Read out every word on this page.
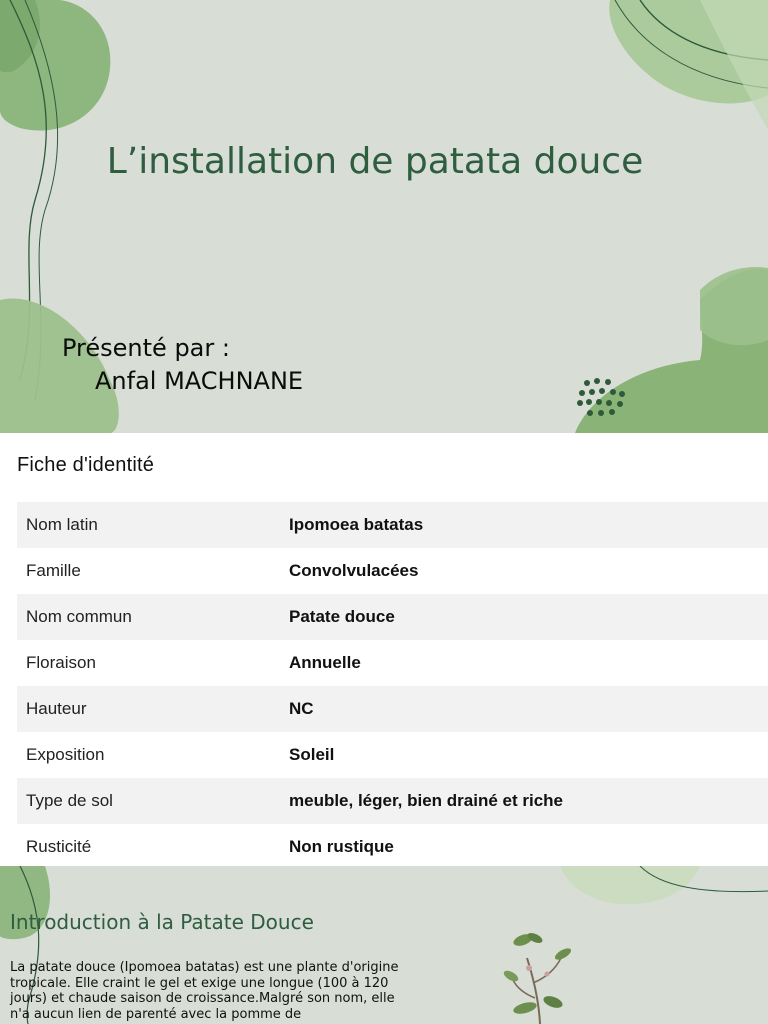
L’installation de patata douce

Présenté par :
Anfal MACHNANE

Fiche d'identité
Nom latin	Ipomoea batatas
Famille	Convolvulacées
Nom commun	Patate douce
Floraison	Annuelle
Hauteur	NC
Exposition	Soleil
Type de sol	meuble, léger, bien drainé et riche
Rusticité	Non rustique
Introduction à la Patate Douce

La patate douce (Ipomoea batatas) est une plante d'origine tropicale. Elle craint le gel et exige une longue (100 à 120 jours) et chaude saison de croissance.Malgré son nom, elle n'a aucun lien de parenté avec la pomme de
